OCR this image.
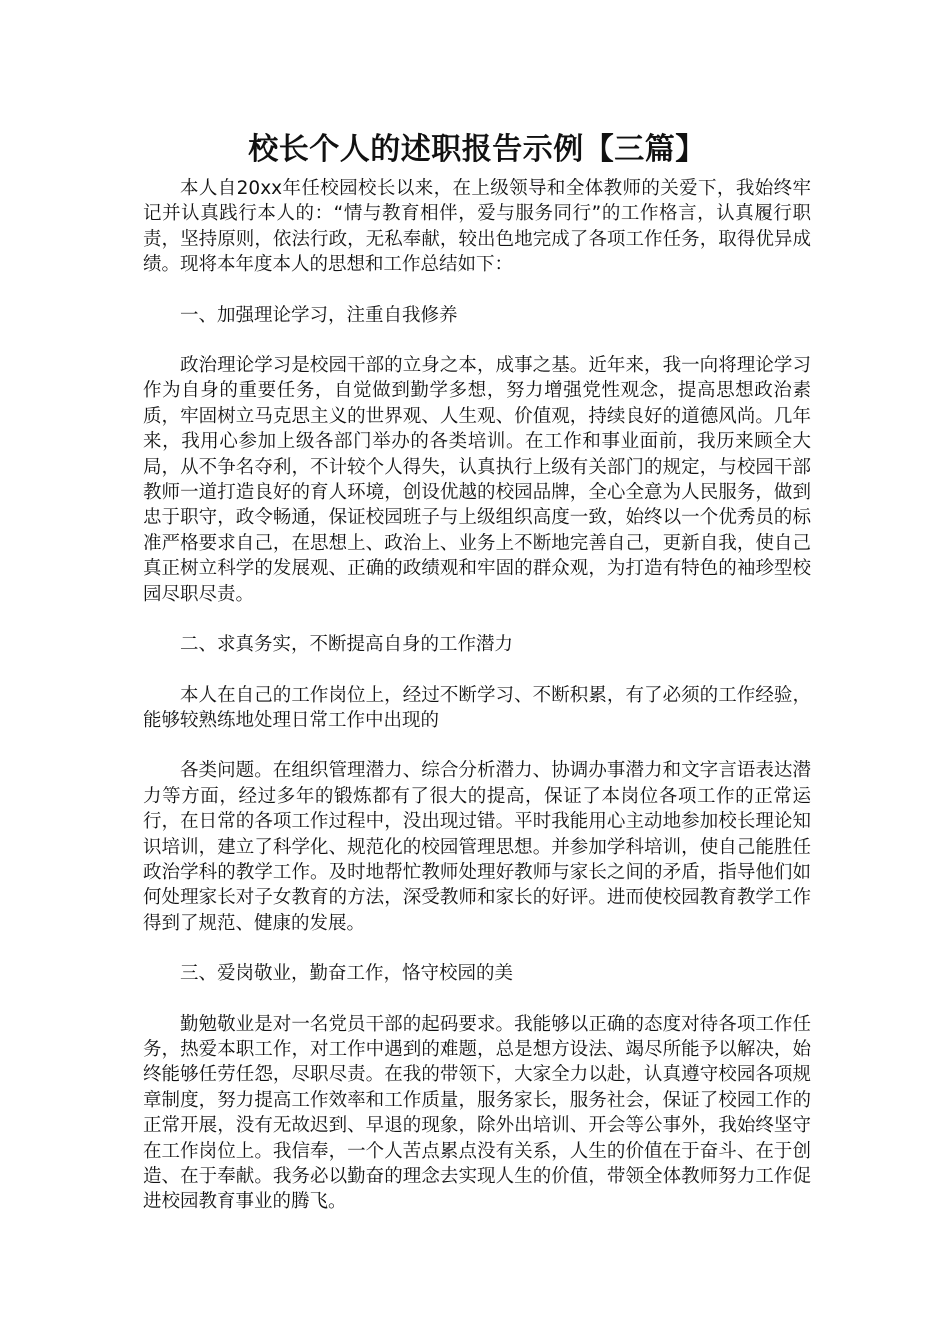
校长个人的述职报告示例【三篇】

本人自20xx年任校园校长以来，在上级领导和全体教师的关爱下，我始终牢记并认真践行本人的：“情与教育相伴，爱与服务同行”的工作格言，认真履行职责，坚持原则，依法行政，无私奉献，较出色地完成了各项工作任务，取得优异成绩。现将本年度本人的思想和工作总结如下：

一、加强理论学习，注重自我修养

政治理论学习是校园干部的立身之本，成事之基。近年来，我一向将理论学习作为自身的重要任务，自觉做到勤学多想，努力增强党性观念，提高思想政治素质，牢固树立马克思主义的世界观、人生观、价值观，持续良好的道德风尚。几年来，我用心参加上级各部门举办的各类培训。在工作和事业面前，我历来顾全大局，从不争名夺利，不计较个人得失，认真执行上级有关部门的规定，与校园干部教师一道打造良好的育人环境，创设优越的校园品牌，全心全意为人民服务，做到忠于职守，政令畅通，保证校园班子与上级组织高度一致，始终以一个优秀员的标准严格要求自己，在思想上、政治上、业务上不断地完善自己，更新自我，使自己真正树立科学的发展观、正确的政绩观和牢固的群众观，为打造有特色的袖珍型校园尽职尽责。

二、求真务实，不断提高自身的工作潜力

本人在自己的工作岗位上，经过不断学习、不断积累，有了必须的工作经验，能够较熟练地处理日常工作中出现的

各类问题。在组织管理潜力、综合分析潜力、协调办事潜力和文字言语表达潜力等方面，经过多年的锻炼都有了很大的提高，保证了本岗位各项工作的正常运行，在日常的各项工作过程中，没出现过错。平时我能用心主动地参加校长理论知识培训，建立了科学化、规范化的校园管理思想。并参加学科培训，使自己能胜任政治学科的教学工作。及时地帮忙教师处理好教师与家长之间的矛盾，指导他们如何处理家长对子女教育的方法，深受教师和家长的好评。进而使校园教育教学工作得到了规范、健康的发展。

三、爱岗敬业，勤奋工作，恪守校园的美

勤勉敬业是对一名党员干部的起码要求。我能够以正确的态度对待各项工作任务，热爱本职工作，对工作中遇到的难题，总是想方设法、竭尽所能予以解决，始终能够任劳任怨，尽职尽责。在我的带领下，大家全力以赴，认真遵守校园各项规章制度，努力提高工作效率和工作质量，服务家长，服务社会，保证了校园工作的正常开展，没有无故迟到、早退的现象，除外出培训、开会等公事外，我始终坚守在工作岗位上。我信奉，一个人苦点累点没有关系，人生的价值在于奋斗、在于创造、在于奉献。我务必以勤奋的理念去实现人生的价值，带领全体教师努力工作促进校园教育事业的腾飞。
